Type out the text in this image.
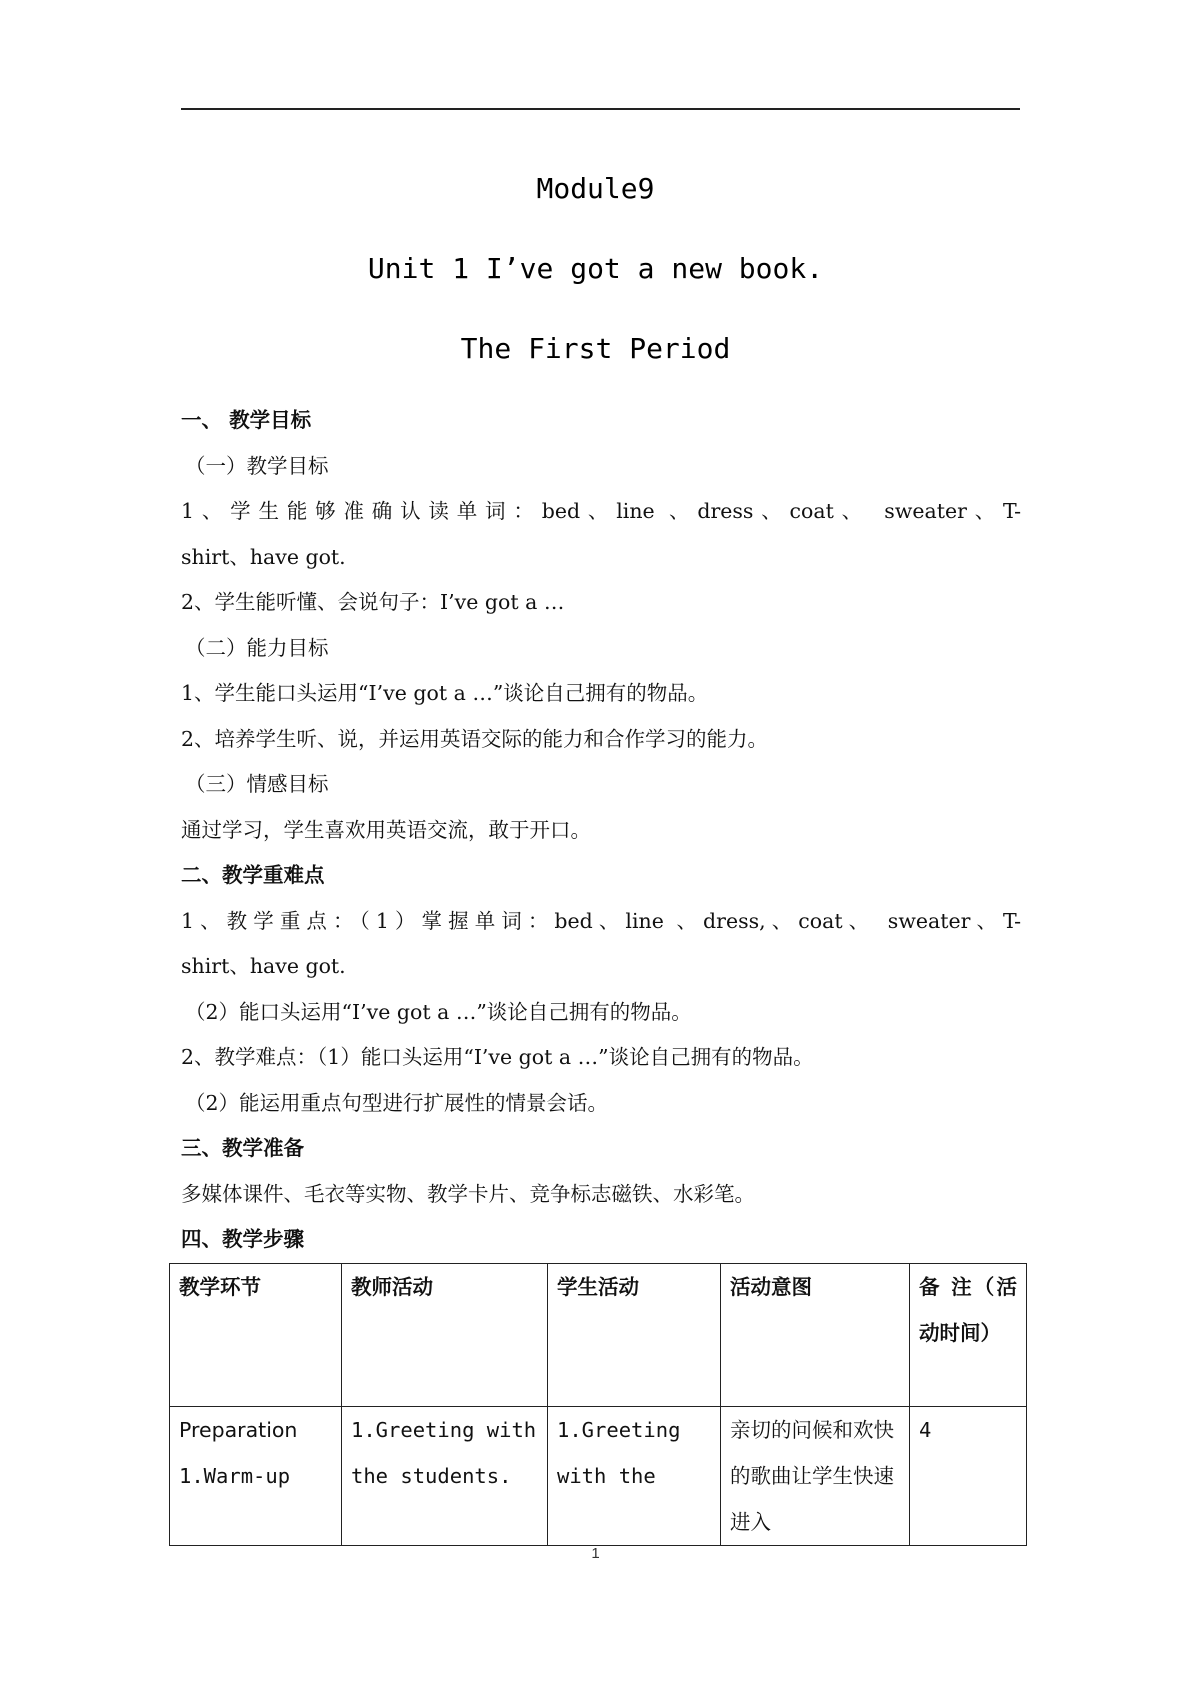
Module9
Unit 1 I’ve got a new book.
The First Period

一、 教学目标

（一）教学目标

1、学生能够准确认读单词：bed、line 、dress、coat、 sweater、T-

shirt、have got.

2、学生能听懂、会说句子：I’ve got a …

（二）能力目标

1、学生能口头运用“I’ve got a …”谈论自己拥有的物品。

2、培养学生听、说，并运用英语交际的能力和合作学习的能力。

（三）情感目标

通过学习，学生喜欢用英语交流，敢于开口。

二、教学重难点

1、教学重点：（1）掌握单词：bed、line 、dress,、coat、 sweater、T-

shirt、have got.

（2）能口头运用“I’ve got a …”谈论自己拥有的物品。

2、教学难点：（1）能口头运用“I’ve got a …”谈论自己拥有的物品。

（2）能运用重点句型进行扩展性的情景会话。

三、教学准备

多媒体课件、毛衣等实物、教学卡片、竞争标志磁铁、水彩笔。

四、教学步骤

教学环节	教师活动	学生活动	活动意图	备 注（活动时间）

Preparation
1.Warm-up	1.Greeting with the students.	1.Greeting with the	亲切的问候和欢快的歌曲让学生快速进入	4
1
